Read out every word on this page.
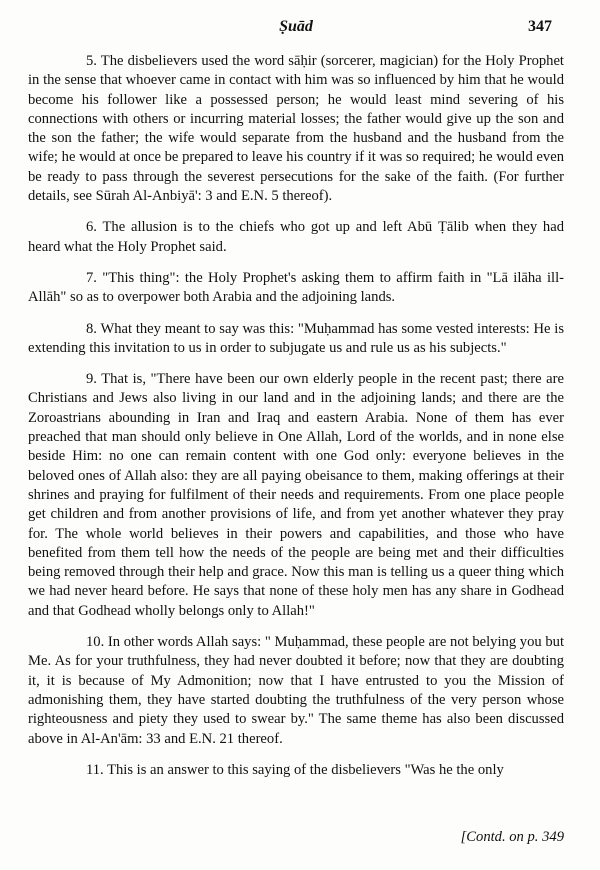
Ṣuād	347

5. The disbelievers used the word sāḥir (sorcerer, magician) for the Holy Prophet in the sense that whoever came in contact with him was so influenced by him that he would become his follower like a possessed person; he would least mind severing of his connections with others or incurring material losses; the father would give up the son and the son the father; the wife would separate from the husband and the husband from the wife; he would at once be prepared to leave his country if it was so required; he would even be ready to pass through the severest persecutions for the sake of the faith. (For further details, see Sūrah Al-Anbiyā': 3 and E.N. 5 thereof).

6. The allusion is to the chiefs who got up and left Abū Ṭālib when they had heard what the Holy Prophet said.

7. "This thing": the Holy Prophet's asking them to affirm faith in "Lā ilāha ill-Allāh" so as to overpower both Arabia and the adjoining lands.

8. What they meant to say was this: "Muḥammad has some vested interests: He is extending this invitation to us in order to subjugate us and rule us as his subjects."

9. That is, "There have been our own elderly people in the recent past; there are Christians and Jews also living in our land and in the adjoining lands; and there are the Zoroastrians abounding in Iran and Iraq and eastern Arabia. None of them has ever preached that man should only believe in One Allah, Lord of the worlds, and in none else beside Him: no one can remain content with one God only: everyone believes in the beloved ones of Allah also: they are all paying obeisance to them, making offerings at their shrines and praying for fulfilment of their needs and requirements. From one place people get children and from another provisions of life, and from yet another whatever they pray for. The whole world believes in their powers and capabilities, and those who have benefited from them tell how the needs of the people are being met and their difficulties being removed through their help and grace. Now this man is telling us a queer thing which we had never heard before. He says that none of these holy men has any share in Godhead and that Godhead wholly belongs only to Allah!"

10. In other words Allah says: " Muḥammad, these people are not belying you but Me. As for your truthfulness, they had never doubted it before; now that they are doubting it, it is because of My Admonition; now that I have entrusted to you the Mission of admonishing them, they have started doubting the truthfulness of the very person whose righteousness and piety they used to swear by." The same theme has also been discussed above in Al-An'ām: 33 and E.N. 21 thereof.

11. This is an answer to this saying of the disbelievers "Was he the only

[Contd. on p. 349
